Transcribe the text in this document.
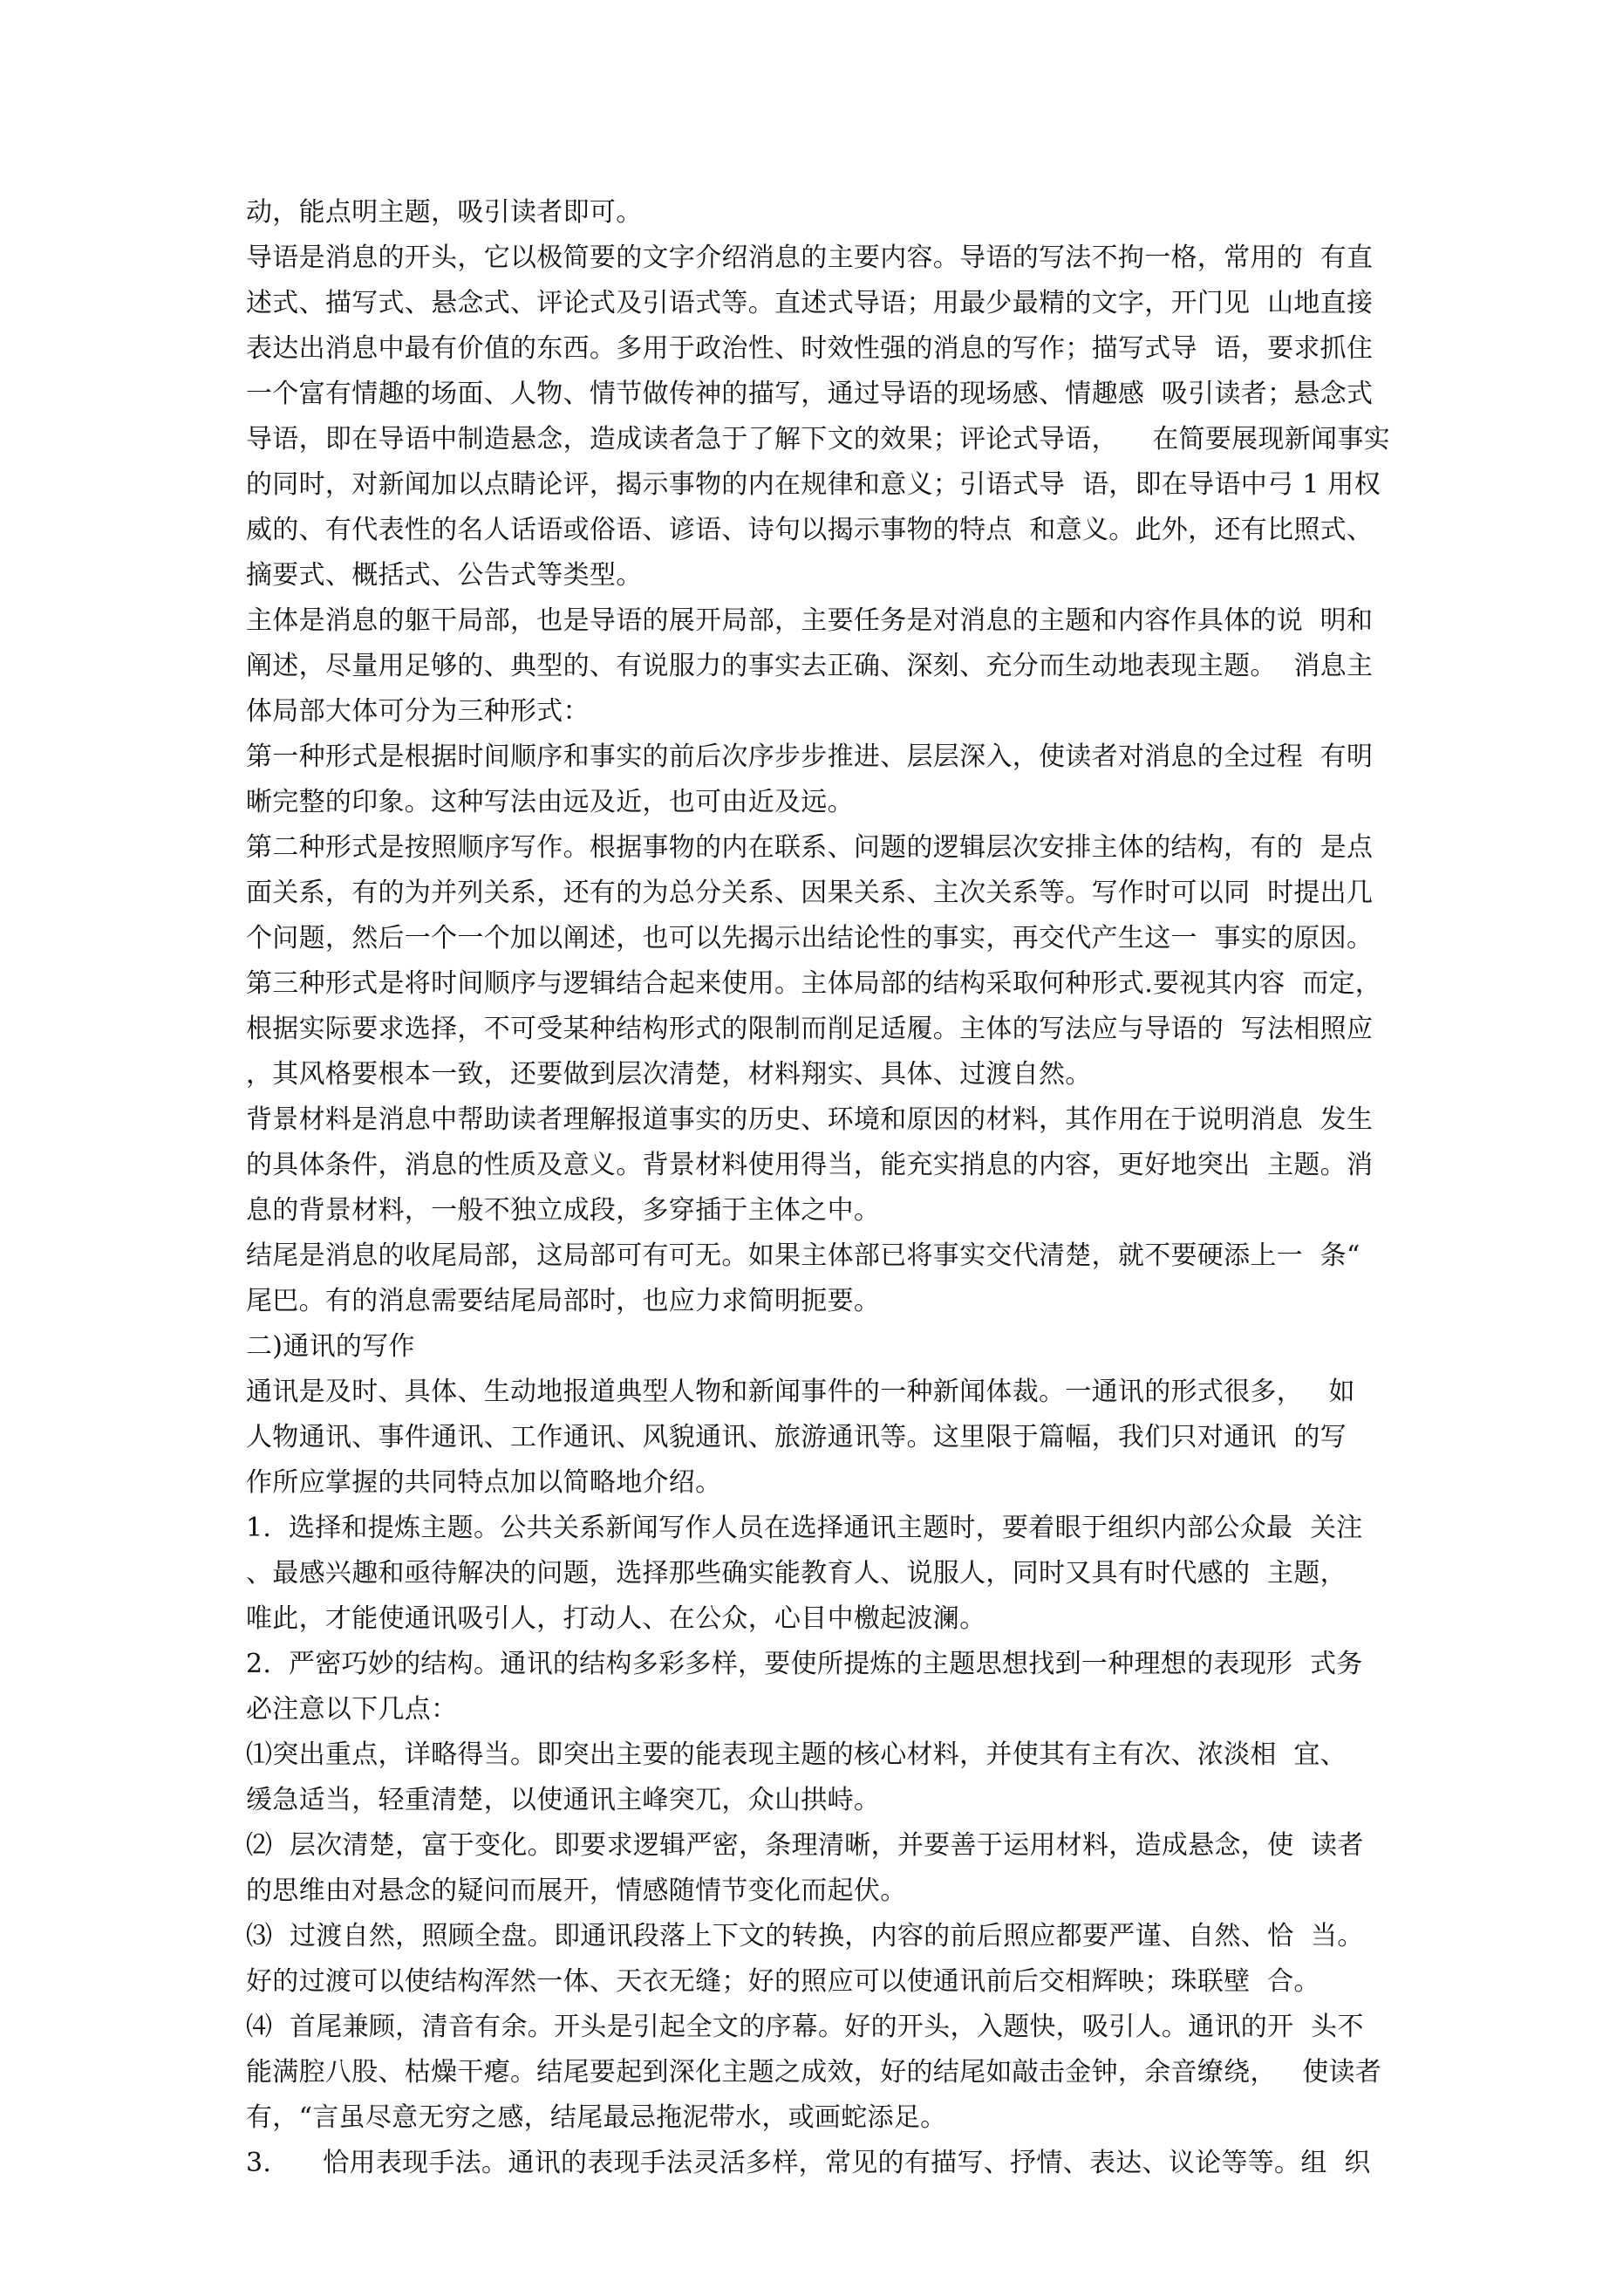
动，能点明主题，吸引读者即可。
导语是消息的开头，它以极简要的文字介绍消息的主要内容。导语的写法不拘一格，常用的  有直
述式、描写式、悬念式、评论式及引语式等。直述式导语；用最少最精的文字，开门见  山地直接
表达出消息中最有价值的东西。多用于政治性、时效性强的消息的写作；描写式导  语，要求抓住
一个富有情趣的场面、人物、情节做传神的描写，通过导语的现场感、情趣感  吸引读者；悬念式
导语，即在导语中制造悬念，造成读者急于了解下文的效果；评论式导语，    在简要展现新闻事实
的同时，对新闻加以点睛论评，揭示事物的内在规律和意义；引语式导  语，即在导语中弓 1 用权
威的、有代表性的名人话语或俗语、谚语、诗句以揭示事物的特点  和意义。此外，还有比照式、
摘要式、概括式、公告式等类型。
主体是消息的躯干局部，也是导语的展开局部，主要任务是对消息的主题和内容作具体的说  明和
阐述，尽量用足够的、典型的、有说服力的事实去正确、深刻、充分而生动地表现主题。  消息主
体局部大体可分为三种形式：
第一种形式是根据时间顺序和事实的前后次序步步推进、层层深入，使读者对消息的全过程  有明
晰完整的印象。这种写法由远及近，也可由近及远。
第二种形式是按照顺序写作。根据事物的内在联系、问题的逻辑层次安排主体的结构，有的  是点
面关系，有的为并列关系，还有的为总分关系、因果关系、主次关系等。写作时可以同  时提出几
个问题，然后一个一个加以阐述，也可以先揭示出结论性的事实，再交代产生这一  事实的原因。
第三种形式是将时间顺序与逻辑结合起来使用。主体局部的结构采取何种形式.要视其内容  而定，
根据实际要求选择，不可受某种结构形式的限制而削足适履。主体的写法应与导语的  写法相照应
，其风格要根本一致，还要做到层次清楚，材料翔实、具体、过渡自然。
背景材料是消息中帮助读者理解报道事实的历史、环境和原因的材料，其作用在于说明消息  发生
的具体条件，消息的性质及意义。背景材料使用得当，能充实捎息的内容，更好地突出  主题。消
息的背景材料，一般不独立成段，多穿插于主体之中。
结尾是消息的收尾局部，这局部可有可无。如果主体部已将事实交代清楚，就不要硬添上一  条“
尾巴。有的消息需要结尾局部时，也应力求简明扼要。
二)通讯的写作
通讯是及时、具体、生动地报道典型人物和新闻事件的一种新闻体裁。一通讯的形式很多，   如
人物通讯、事件通讯、工作通讯、风貌通讯、旅游通讯等。这里限于篇幅，我们只对通讯  的写
作所应掌握的共同特点加以简略地介绍。
1.  选择和提炼主题。公共关系新闻写作人员在选择通讯主题时，要着眼于组织内部公众最  关注
、最感兴趣和亟待解决的问题，选择那些确实能教育人、说服人，同时又具有时代感的  主题，
唯此，才能使通讯吸引人，打动人、在公众，心目中檄起波澜。
2.  严密巧妙的结构。通讯的结构多彩多样，要使所提炼的主题思想找到一种理想的表现形  式务
必注意以下几点：
⑴突出重点，详略得当。即突出主要的能表现主题的核心材料，并使其有主有次、浓淡相  宜、
缓急适当，轻重清楚，以使通讯主峰突兀，众山拱峙。
⑵  层次清楚，富于变化。即要求逻辑严密，条理清晰，并要善于运用材料，造成悬念，使  读者
的思维由对悬念的疑问而展开，情感随情节变化而起伏。
⑶  过渡自然，照顾全盘。即通讯段落上下文的转换，内容的前后照应都要严谨、自然、恰  当。
好的过渡可以使结构浑然一体、天衣无缝；好的照应可以使通讯前后交相辉映；珠联壁  合。
⑷  首尾兼顾，清音有余。开头是引起全文的序幕。好的开头，入题快，吸引人。通讯的开  头不
能满腔八股、枯燥干瘪。结尾要起到深化主题之成效，好的结尾如敲击金钟，余音缭绕，   使读者
有，“言虽尽意无穷之感，结尾最忌拖泥带水，或画蛇添足。
3.      恰用表现手法。通讯的表现手法灵活多样，常见的有描写、抒情、表达、议论等等。组  织
